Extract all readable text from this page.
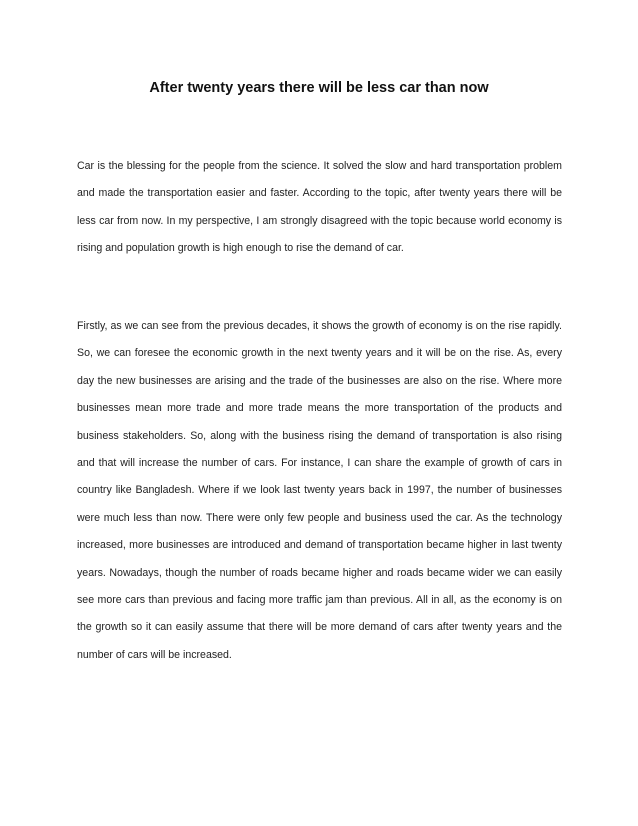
After twenty years there will be less car than now

Car is the blessing for the people from the science. It solved the slow and hard transportation problem and made the transportation easier and faster. According to the topic, after twenty years there will be less car from now. In my perspective, I am strongly disagreed with the topic because world economy is rising and population growth is high enough to rise the demand of car.

Firstly, as we can see from the previous decades, it shows the growth of economy is on the rise rapidly. So, we can foresee the economic growth in the next twenty years and it will be on the rise. As, every day the new businesses are arising and the trade of the businesses are also on the rise. Where more businesses mean more trade and more trade means the more transportation of the products and business stakeholders. So, along with the business rising the demand of transportation is also rising and that will increase the number of cars. For instance, I can share the example of growth of cars in country like Bangladesh. Where if we look last twenty years back in 1997, the number of businesses were much less than now. There were only few people and business used the car. As the technology increased, more businesses are introduced and demand of transportation became higher in last twenty years. Nowadays, though the number of roads became higher and roads became wider we can easily see more cars than previous and facing more traffic jam than previous. All in all, as the economy is on the growth so it can easily assume that there will be more demand of cars after twenty years and the number of cars will be increased.
